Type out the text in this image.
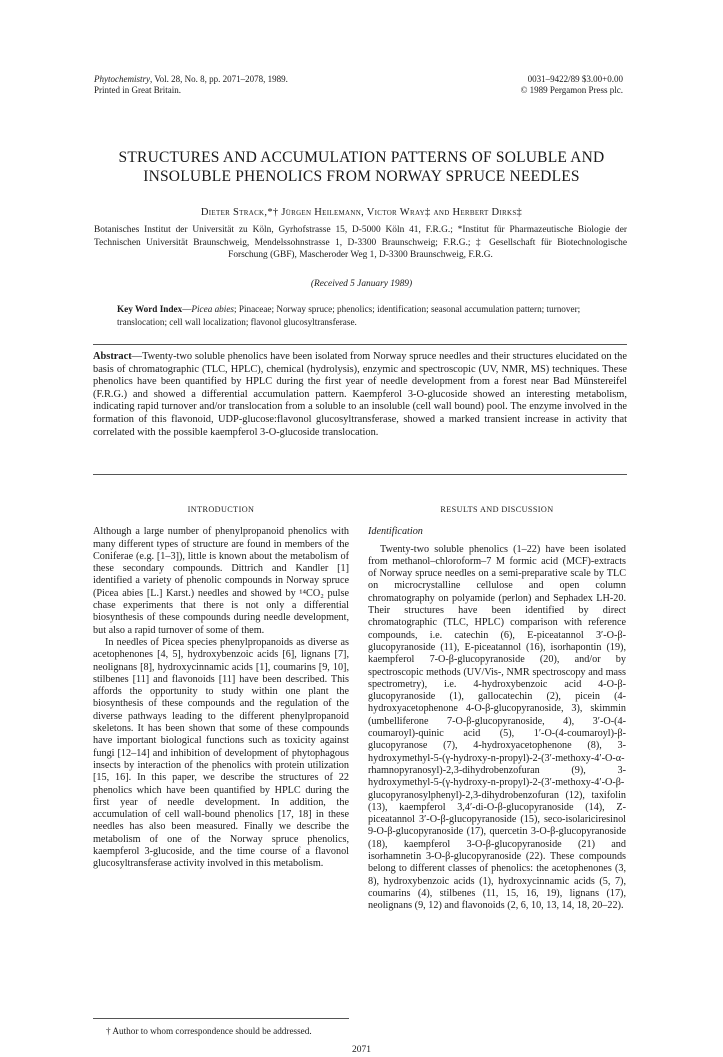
Phytochemistry, Vol. 28, No. 8, pp. 2071–2078, 1989.
Printed in Great Britain.
0031–9422/89 $3.00+0.00
© 1989 Pergamon Press plc.
STRUCTURES AND ACCUMULATION PATTERNS OF SOLUBLE AND
INSOLUBLE PHENOLICS FROM NORWAY SPRUCE NEEDLES
Dieter Strack,*† Jürgen Heilemann, Victor Wray‡ and Herbert Dirks‡
Botanisches Institut der Universität zu Köln, Gyrhofstrasse 15, D-5000 Köln 41, F.R.G.; *Institut für Pharmazeutische Biologie der Technischen Universität Braunschweig, Mendelssohnstrasse 1, D-3300 Braunschweig; F.R.G.; ‡ Gesellschaft für Biotechnologische Forschung (GBF), Mascheroder Weg 1, D-3300 Braunschweig, F.R.G.
(Received 5 January 1989)
Key Word Index—Picea abies; Pinaceae; Norway spruce; phenolics; identification; seasonal accumulation pattern; turnover; translocation; cell wall localization; flavonol glucosyltransferase.
Abstract—Twenty-two soluble phenolics have been isolated from Norway spruce needles and their structures elucidated on the basis of chromatographic (TLC, HPLC), chemical (hydrolysis), enzymic and spectroscopic (UV, NMR, MS) techniques. These phenolics have been quantified by HPLC during the first year of needle development from a forest near Bad Münstereifel (F.R.G.) and showed a differential accumulation pattern. Kaempferol 3-O-glucoside showed an interesting metabolism, indicating rapid turnover and/or translocation from a soluble to an insoluble (cell wall bound) pool. The enzyme involved in the formation of this flavonoid, UDP-glucose:flavonol glucosyltransferase, showed a marked transient increase in activity that correlated with the possible kaempferol 3-O-glucoside translocation.
INTRODUCTION

Although a large number of phenylpropanoid phenolics with many different types of structure are found in members of the Coniferae (e.g. [1–3]), little is known about the metabolism of these secondary compounds. Dittrich and Kandler [1] identified a variety of phenolic compounds in Norway spruce (Picea abies [L.] Karst.) needles and showed by ¹⁴CO₂ pulse chase experiments that there is not only a differential biosynthesis of these compounds during needle development, but also a rapid turnover of some of them.

In needles of Picea species phenylpropanoids as diverse as acetophenones [4, 5], hydroxybenzoic acids [6], lignans [7], neolignans [8], hydroxycinnamic acids [1], coumarins [9, 10], stilbenes [11] and flavonoids [11] have been described. This affords the opportunity to study within one plant the biosynthesis of these compounds and the regulation of the diverse pathways leading to the different phenylpropanoid skeletons. It has been shown that some of these compounds have important biological functions such as toxicity against fungi [12–14] and inhibition of development of phytophagous insects by interaction of the phenolics with protein utilization [15, 16]. In this paper, we describe the structures of 22 phenolics which have been quantified by HPLC during the first year of needle development. In addition, the accumulation of cell wall-bound phenolics [17, 18] in these needles has also been measured. Finally we describe the metabolism of one of the Norway spruce phenolics, kaempferol 3-glucoside, and the time course of a flavonol glucosyltransferase activity involved in this metabolism.

RESULTS AND DISCUSSION
Identification

Twenty-two soluble phenolics (1–22) have been isolated from methanol–chloroform–7 M formic acid (MCF)-extracts of Norway spruce needles on a semi-preparative scale by TLC on microcrystalline cellulose and open column chromatography on polyamide (perlon) and Sephadex LH-20. Their structures have been identified by direct chromatographic (TLC, HPLC) comparison with reference compounds, i.e. catechin (6), E-piceatannol 3′-O-β-glucopyranoside (11), E-piceatannol (16), isorhapontin (19), kaempferol 7-O-β-glucopyranoside (20), and/or by spectroscopic methods (UV/Vis-, NMR spectroscopy and mass spectrometry), i.e. 4-hydroxybenzoic acid 4-O-β-glucopyranoside (1), gallocatechin (2), picein (4-hydroxyacetophenone 4-O-β-glucopyranoside, 3), skimmin (umbelliferone 7-O-β-glucopyranoside, 4), 3′-O-(4-coumaroyl)-quinic acid (5), 1′-O-(4-coumaroyl)-β-glucopyranose (7), 4-hydroxyacetophenone (8), 3-hydroxymethyl-5-(γ-hydroxy-n-propyl)-2-(3′-methoxy-4′-O-α-rhamnopyranosyl)-2,3-dihydrobenzofuran (9), 3-hydroxymethyl-5-(γ-hydroxy-n-propyl)-2-(3′-methoxy-4′-O-β-glucopyranosylphenyl)-2,3-dihydrobenzofuran (12), taxifolin (13), kaempferol 3,4′-di-O-β-glucopyranoside (14), Z-piceatannol 3′-O-β-glucopyranoside (15), seco-isolariciresinol 9-O-β-glucopyranoside (17), quercetin 3-O-β-glucopyranoside (18), kaempferol 3-O-β-glucopyranoside (21) and isorhamnetin 3-O-β-glucopyranoside (22). These compounds belong to different classes of phenolics: the acetophenones (3, 8), hydroxybenzoic acids (1), hydroxycinnamic acids (5, 7), coumarins (4), stilbenes (11, 15, 16, 19), lignans (17), neolignans (9, 12) and flavonoids (2, 6, 10, 13, 14, 18, 20–22).

† Author to whom correspondence should be addressed.
2071
